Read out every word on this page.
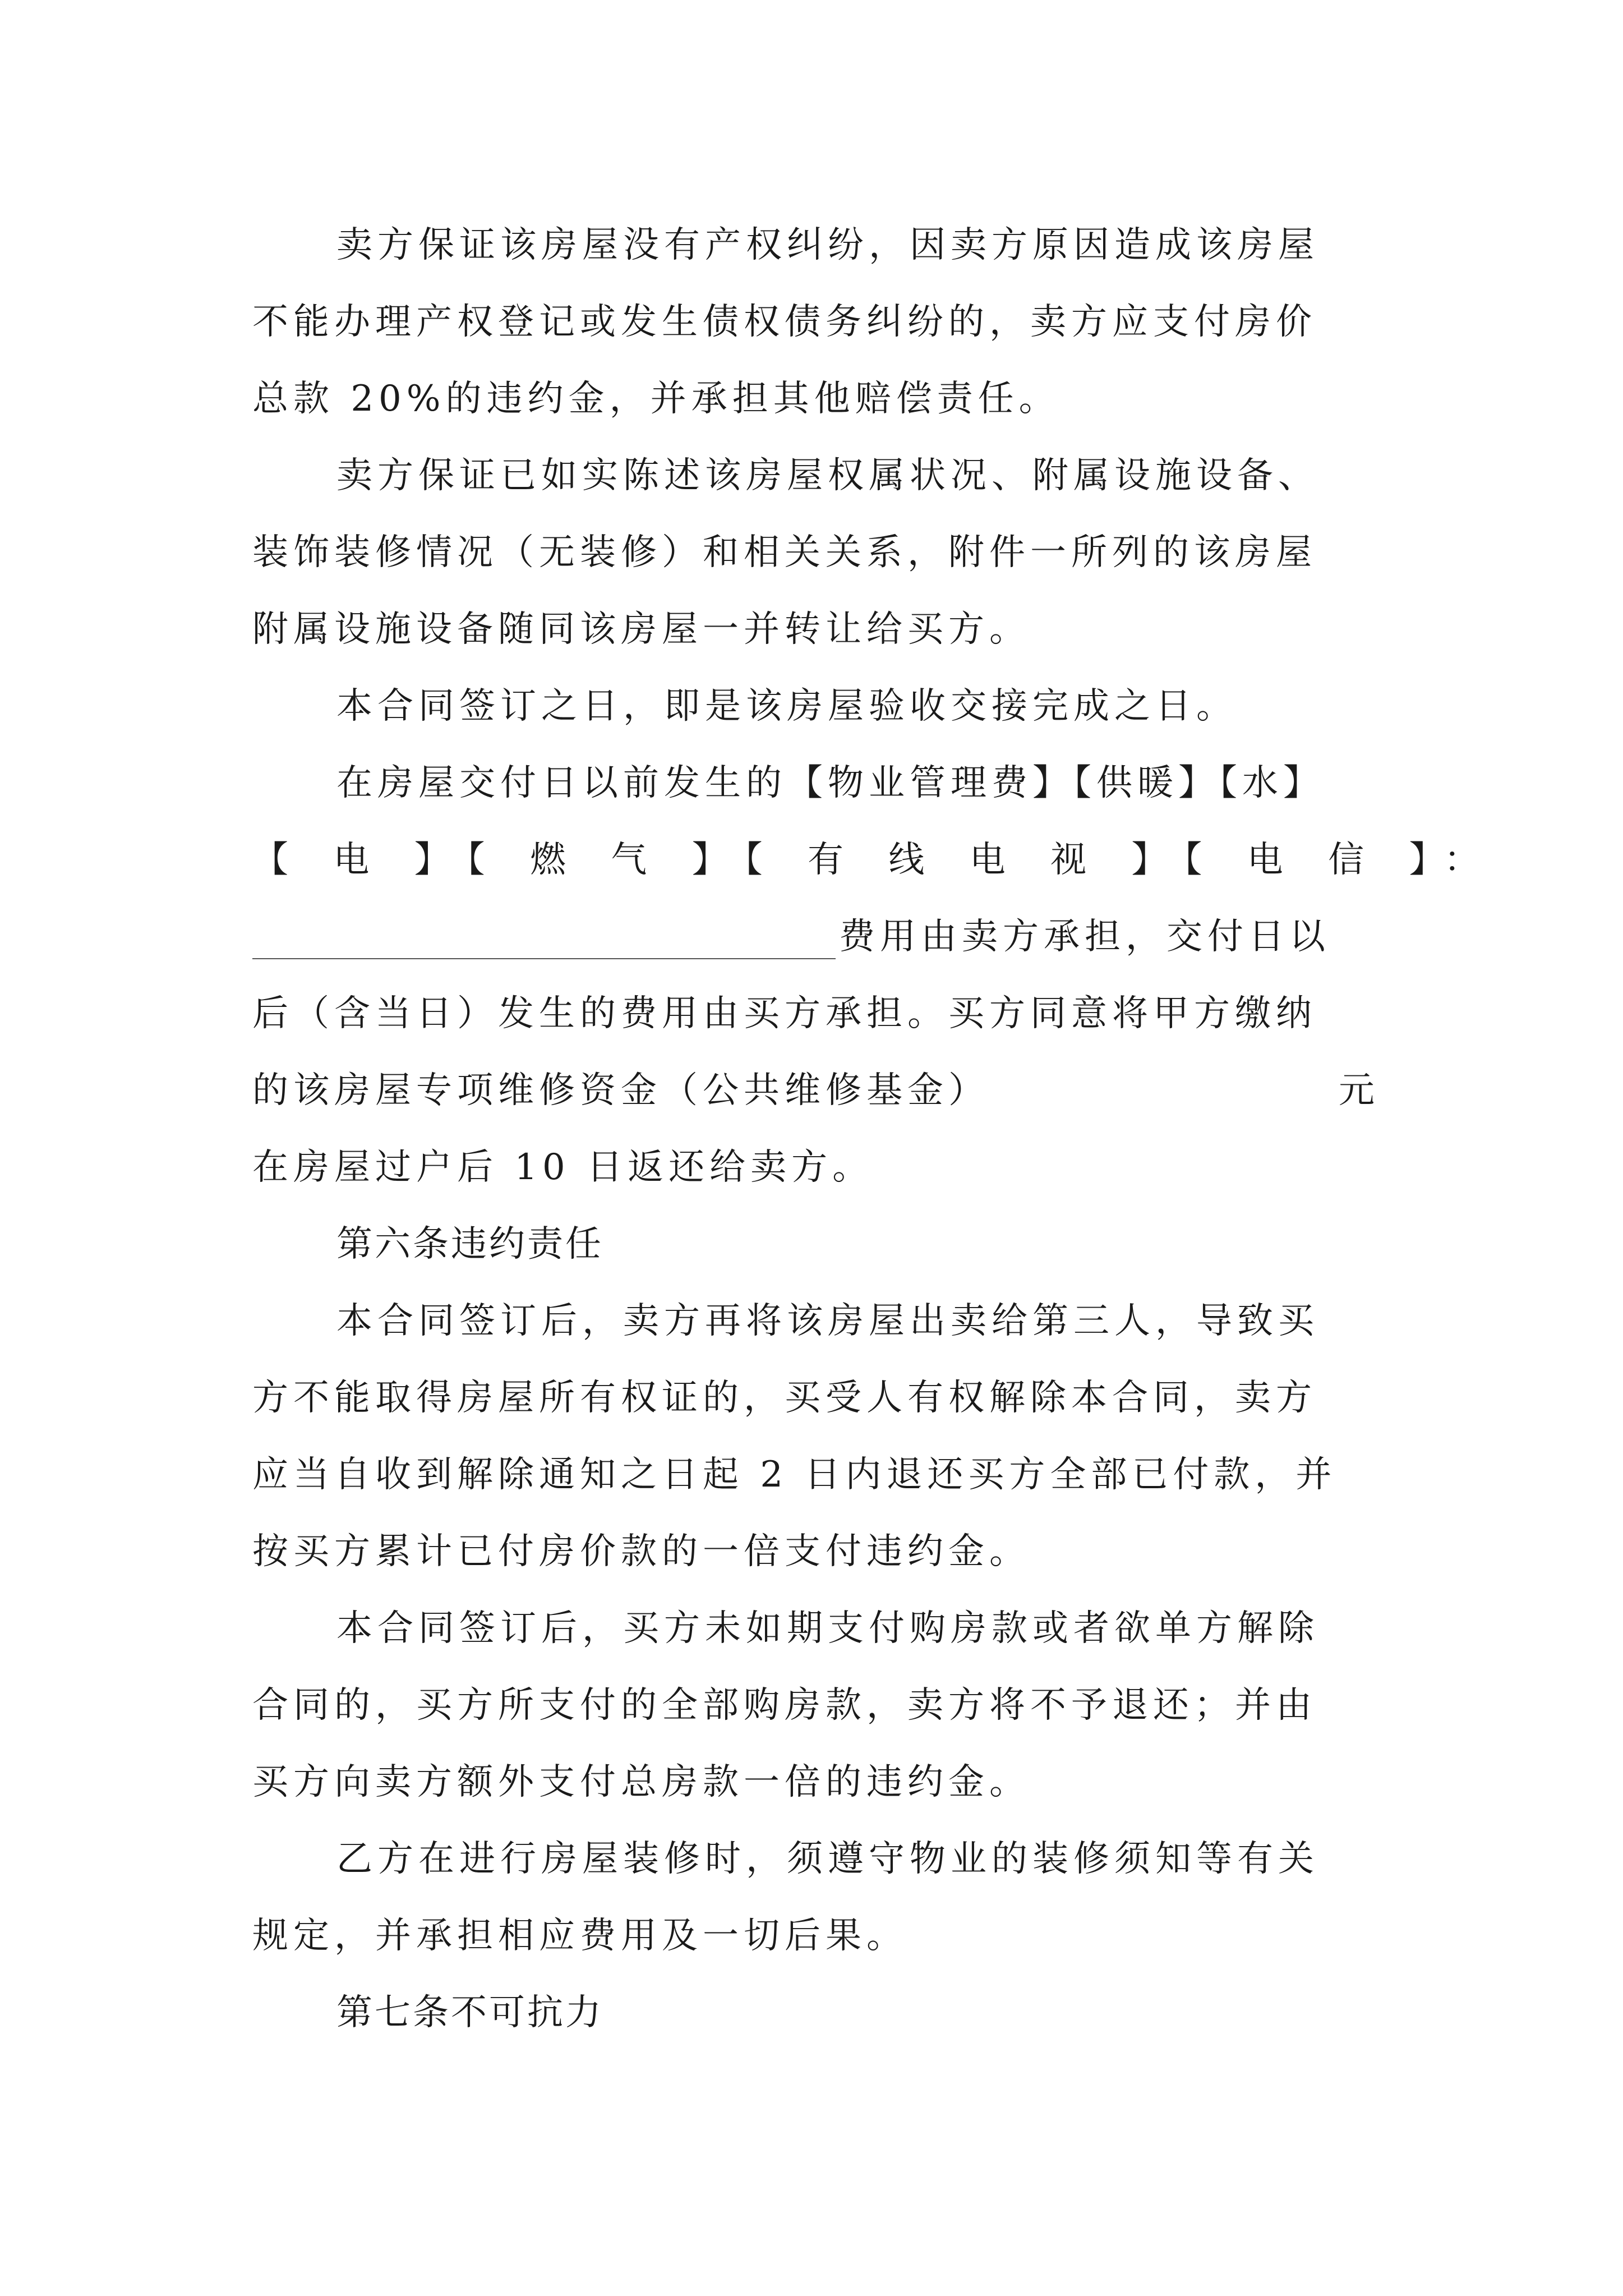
卖方保证该房屋没有产权纠纷，因卖方原因造成该房屋
不能办理产权登记或发生债权债务纠纷的，卖方应支付房价
总款 20%的违约金，并承担其他赔偿责任。
卖方保证已如实陈述该房屋权属状况、附属设施设备、
装饰装修情况（无装修）和相关关系，附件一所列的该房屋
附属设施设备随同该房屋一并转让给买方。
本合同签订之日，即是该房屋验收交接完成之日。
在房屋交付日以前发生的【物业管理费】【供暖】【水】
【 电 】【 燃 气 】【 有 线 电 视 】【 电 信 】：
费用由卖方承担，交付日以
后（含当日）发生的费用由买方承担。买方同意将甲方缴纳
的该房屋专项维修资金（公共维修基金）	元
在房屋过户后 10 日返还给卖方。
第六条违约责任
本合同签订后，卖方再将该房屋出卖给第三人，导致买
方不能取得房屋所有权证的，买受人有权解除本合同，卖方
应当自收到解除通知之日起 2 日内退还买方全部已付款，并
按买方累计已付房价款的一倍支付违约金。
本合同签订后，买方未如期支付购房款或者欲单方解除
合同的，买方所支付的全部购房款，卖方将不予退还；并由
买方向卖方额外支付总房款一倍的违约金。
乙方在进行房屋装修时，须遵守物业的装修须知等有关
规定，并承担相应费用及一切后果。
第七条不可抗力
